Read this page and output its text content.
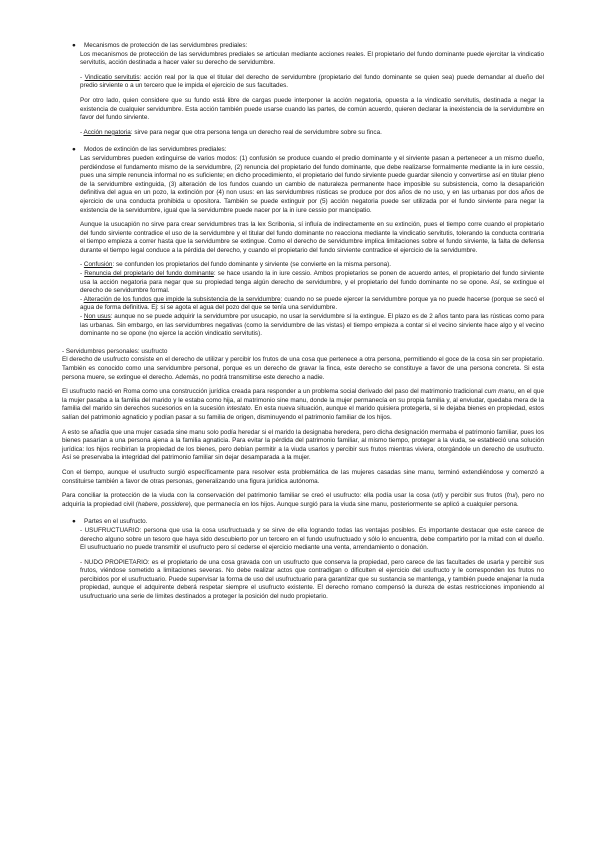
●	Mecanismos de protección de las servidumbres prediales:

Los mecanismos de protección de las servidumbres prediales se articulan mediante acciones reales. El propietario del fundo dominante puede ejercitar la vindicatio servitutis, acción destinada a hacer valer su derecho de servidumbre.

- Vindicatio servitutis: acción real por la que el titular del derecho de servidumbre (propietario del fundo dominante se quien sea) puede demandar al dueño del predio sirviente o a un tercero que le impida el ejercicio de sus facultades.

Por otro lado, quien considere que su fundo está libre de cargas puede interponer la acción negatoria, opuesta a la vindicatio servitutis, destinada a negar la existencia de cualquier servidumbre. Esta acción también puede usarse cuando las partes, de común acuerdo, quieren declarar la inexistencia de la servidumbre en favor del fundo sirviente.

- Acción negatoria: sirve para negar que otra persona tenga un derecho real de servidumbre sobre su finca.

●	Modos de extinción de las servidumbres prediales:

Las servidumbres pueden extinguirse de varios modos: (1) confusión se produce cuando el predio dominante y el sirviente pasan a pertenecer a un mismo dueño, perdiéndose el fundamento mismo de la servidumbre, (2) renuncia del propietario del fundo dominante, que debe realizarse formalmente mediante la in iure cessio, pues una simple renuncia informal no es suficiente; en dicho procedimiento, el propietario del fundo sirviente puede guardar silencio y convertirse así en titular pleno de la servidumbre extinguida, (3) alteración de los fundos cuando un cambio de naturaleza permanente hace imposible su subsistencia, como la desaparición definitiva del agua en un pozo, la extinción por (4) non usus: en las servidumbres rústicas se produce por dos años de no uso, y en las urbanas por dos años de ejercicio de una conducta prohibida u opositora. También se puede extinguir por (5) acción negatoria puede ser utilizada por el fundo sirviente para negar la existencia de la servidumbre, igual que la servidumbre puede nacer por la in iure cessio por mancipatio.

Aunque la usucapión no sirve para crear servidumbres tras la lex Scribonia, sí influía de indirectamente en su extinción, pues el tiempo corre cuando el propietario del fundo sirviente contradice el uso de la servidumbre y el titular del fundo dominante no reacciona mediante la vindicatio servitutis, tolerando la conducta contraria el tiempo empieza a correr hasta que la servidumbre se extingue. Como el derecho de servidumbre implica limitaciones sobre el fundo sirviente, la falta de defensa durante el tiempo legal conduce a la pérdida del derecho, y cuando el propietario del fundo sirviente contradice el ejercicio de la servidumbre.

- Confusión: se confunden los propietarios del fundo dominante y sirviente (se convierte en la misma persona).
- Renuncia del propietario del fundo dominante: se hace usando la in iure cessio. Ambos propietarios se ponen de acuerdo antes, el propietario del fundo sirviente usa la acción negatoria para negar que su propiedad tenga algún derecho de servidumbre, y el propietario del fundo dominante no se opone. Así, se extingue el derecho de servidumbre formal.
- Alteración de los fundos que impide la subsistencia de la servidumbre: cuando no se puede ejercer la servidumbre porque ya no puede hacerse (porque se secó el agua de forma definitiva. Ej: si se agota el agua del pozo del que se tenía una servidumbre.
- Non usus: aunque no se puede adquirir la servidumbre por usucapio, no usar la servidumbre sí la extingue. El plazo es de 2 años tanto para las rústicas como para las urbanas. Sin embargo, en las servidumbres negativas (como la servidumbre de las vistas) el tiempo empieza a contar si el vecino sirviente hace algo y el vecino dominante no se opone (no ejerce la acción vindicatio servitutis).
- Servidumbres personales: usufructo

El derecho de usufructo consiste en el derecho de utilizar y percibir los frutos de una cosa que pertenece a otra persona, permitiendo el goce de la cosa sin ser propietario. También es conocido como una servidumbre personal, porque es un derecho de gravar la finca, este derecho se constituye a favor de una persona concreta. Si esta persona muere, se extingue el derecho. Además, no podrá transmitirse este derecho a nadie.

El usufructo nació en Roma como una construcción jurídica creada para responder a un problema social derivado del paso del matrimonio tradicional cum manu, en el que la mujer pasaba a la familia del marido y le estaba como hija, al matrimonio sine manu, donde la mujer permanecía en su propia familia y, al enviudar, quedaba mera de la familia del marido sin derechos sucesorios en la sucesión intestato. En esta nueva situación, aunque el marido quisiera protegerla, si le dejaba bienes en propiedad, estos salían del patrimonio agnaticio y podían pasar a su familia de origen, disminuyendo el patrimonio familiar de los hijos.

A esto se añadía que una mujer casada sine manu solo podía heredar si el marido la designaba heredera, pero dicha designación mermaba el patrimonio familiar, pues los bienes pasarían a una persona ajena a la familia agnaticia. Para evitar la pérdida del patrimonio familiar, al mismo tiempo, proteger a la viuda, se estableció una solución jurídica: los hijos recibirían la propiedad de los bienes, pero debían permitir a la viuda usarlos y percibir sus frutos mientras viviera, otorgándole un derecho de usufructo. Así se preservaba la integridad del patrimonio familiar sin dejar desamparada a la mujer.

Con el tiempo, aunque el usufructo surgió específicamente para resolver esta problemática de las mujeres casadas sine manu, terminó extendiéndose y comenzó a constituirse también a favor de otras personas, generalizando una figura jurídica autónoma.

Para conciliar la protección de la viuda con la conservación del patrimonio familiar se creó el usufructo: ella podía usar la cosa (uti) y percibir sus frutos (frui), pero no adquiría la propiedad civil (habere, possidere), que permanecía en los hijos. Aunque surgió para la viuda sine manu, posteriormente se aplicó a cualquier persona.

●	Partes en el usufructo.

- USUFRUCTUARIO: persona que usa la cosa usufructuada y se sirve de ella logrando todas las ventajas posibles. Es importante destacar que este carece de derecho alguno sobre un tesoro que haya sido descubierto por un tercero en el fundo usufructuado y sólo lo encuentra, debe compartirlo por la mitad con el dueño. El usufructuario no puede transmitir el usufructo pero sí cederse el ejercicio mediante una venta, arrendamiento o donación.

- NUDO PROPIETARIO: es el propietario de una cosa gravada con un usufructo que conserva la propiedad, pero carece de las facultades de usarla y percibir sus frutos, viéndose sometido a limitaciones severas. No debe realizar actos que contradigan o dificulten el ejercicio del usufructo y le corresponden los frutos no percibidos por el usufructuario. Puede supervisar la forma de uso del usufructuario para garantizar que su sustancia se mantenga, y también puede enajenar la nuda propiedad, aunque el adquirente deberá respetar siempre el usufructo existente. El derecho romano compensó la dureza de estas restricciones imponiendo al usufructuario una serie de límites destinados a proteger la posición del nudo propietario.
